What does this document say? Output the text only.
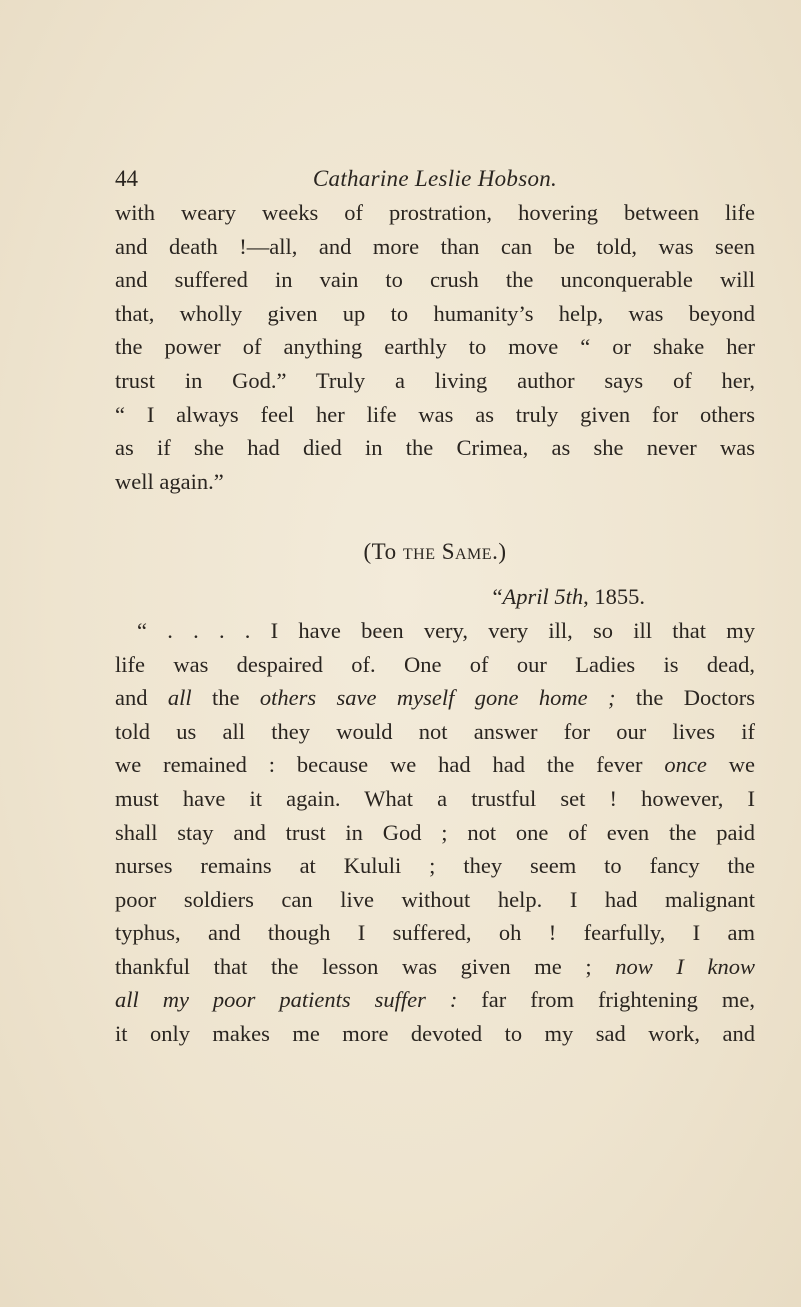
44	Catharine Leslie Hobson.
with weary weeks of prostration, hovering between life
and death !—all, and more than can be told, was seen
and suffered in vain to crush the unconquerable will
that, wholly given up to humanity’s help, was beyond
the power of anything earthly to move “ or shake her
trust in God.” Truly a living author says of her,
“ I always feel her life was as truly given for others
as if she had died in the Crimea, as she never was
well again.”
(To the Same.)
“April 5th, 1855.
“ . . . . I have been very, very ill, so ill that my
life was despaired of. One of our Ladies is dead,
and all the others save myself gone home ; the Doctors
told us all they would not answer for our lives if
we remained : because we had had the fever once we
must have it again. What a trustful set ! however, I
shall stay and trust in God ; not one of even the paid
nurses remains at Kululi ; they seem to fancy the
poor soldiers can live without help. I had malignant
typhus, and though I suffered, oh ! fearfully, I am
thankful that the lesson was given me ; now I know
all my poor patients suffer : far from frightening me,
it only makes me more devoted to my sad work, and
